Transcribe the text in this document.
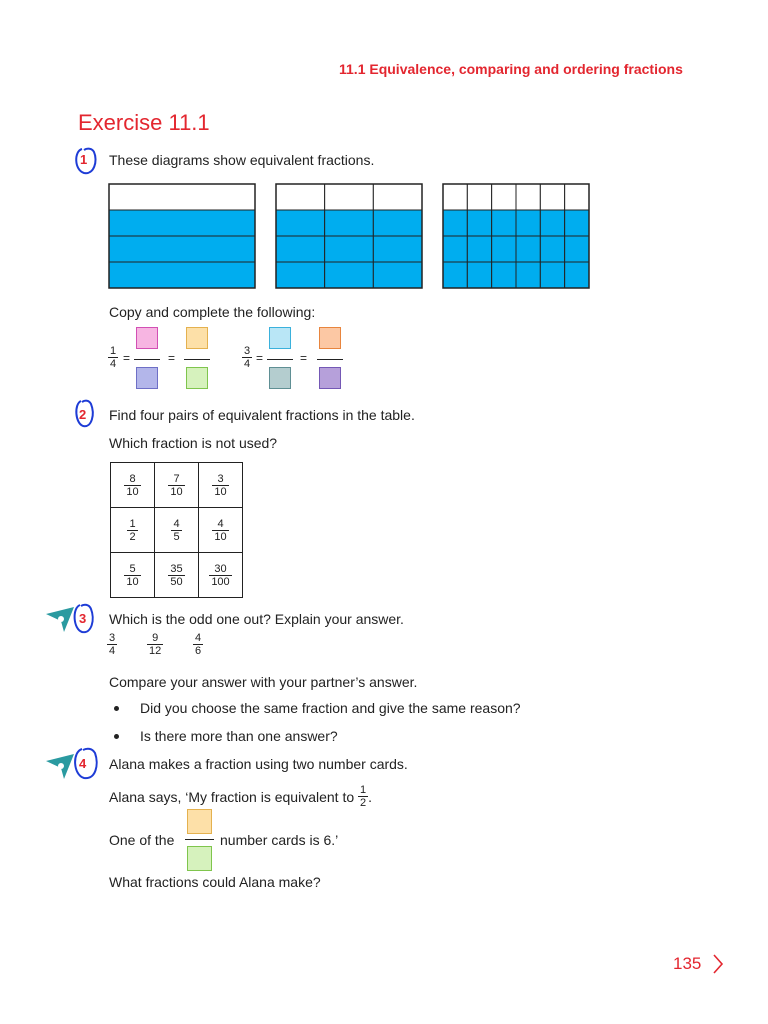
11.1 Equivalence, comparing and ordering fractions
Exercise 11.1
1 These diagrams show equivalent fractions.
Copy and complete the following:
$\frac{1}{4}$ =	=	$\frac{3}{4}$ =	=
2 Find four pairs of equivalent fractions in the table.
Which fraction is not used?
$\frac{8}{10}$	$\frac{7}{10}$	$\frac{3}{10}$

$\frac{1}{2}$	$\frac{4}{5}$	$\frac{4}{10}$

$\frac{5}{10}$	$\frac{35}{50}$	$\frac{30}{100}$
3 Which is the odd one out? Explain your answer.
$\frac{3}{4}$	$\frac{9}{12}$	$\frac{4}{6}$
Compare your answer with your partner’s answer.
Did you choose the same fraction and give the same reason?
Is there more than one answer?
4 Alana makes a fraction using two number cards.
Alana says, ‘My fraction is equivalent to $\frac{1}{2}$ .
One of the	number cards is 6.’
What fractions could Alana make?
135
